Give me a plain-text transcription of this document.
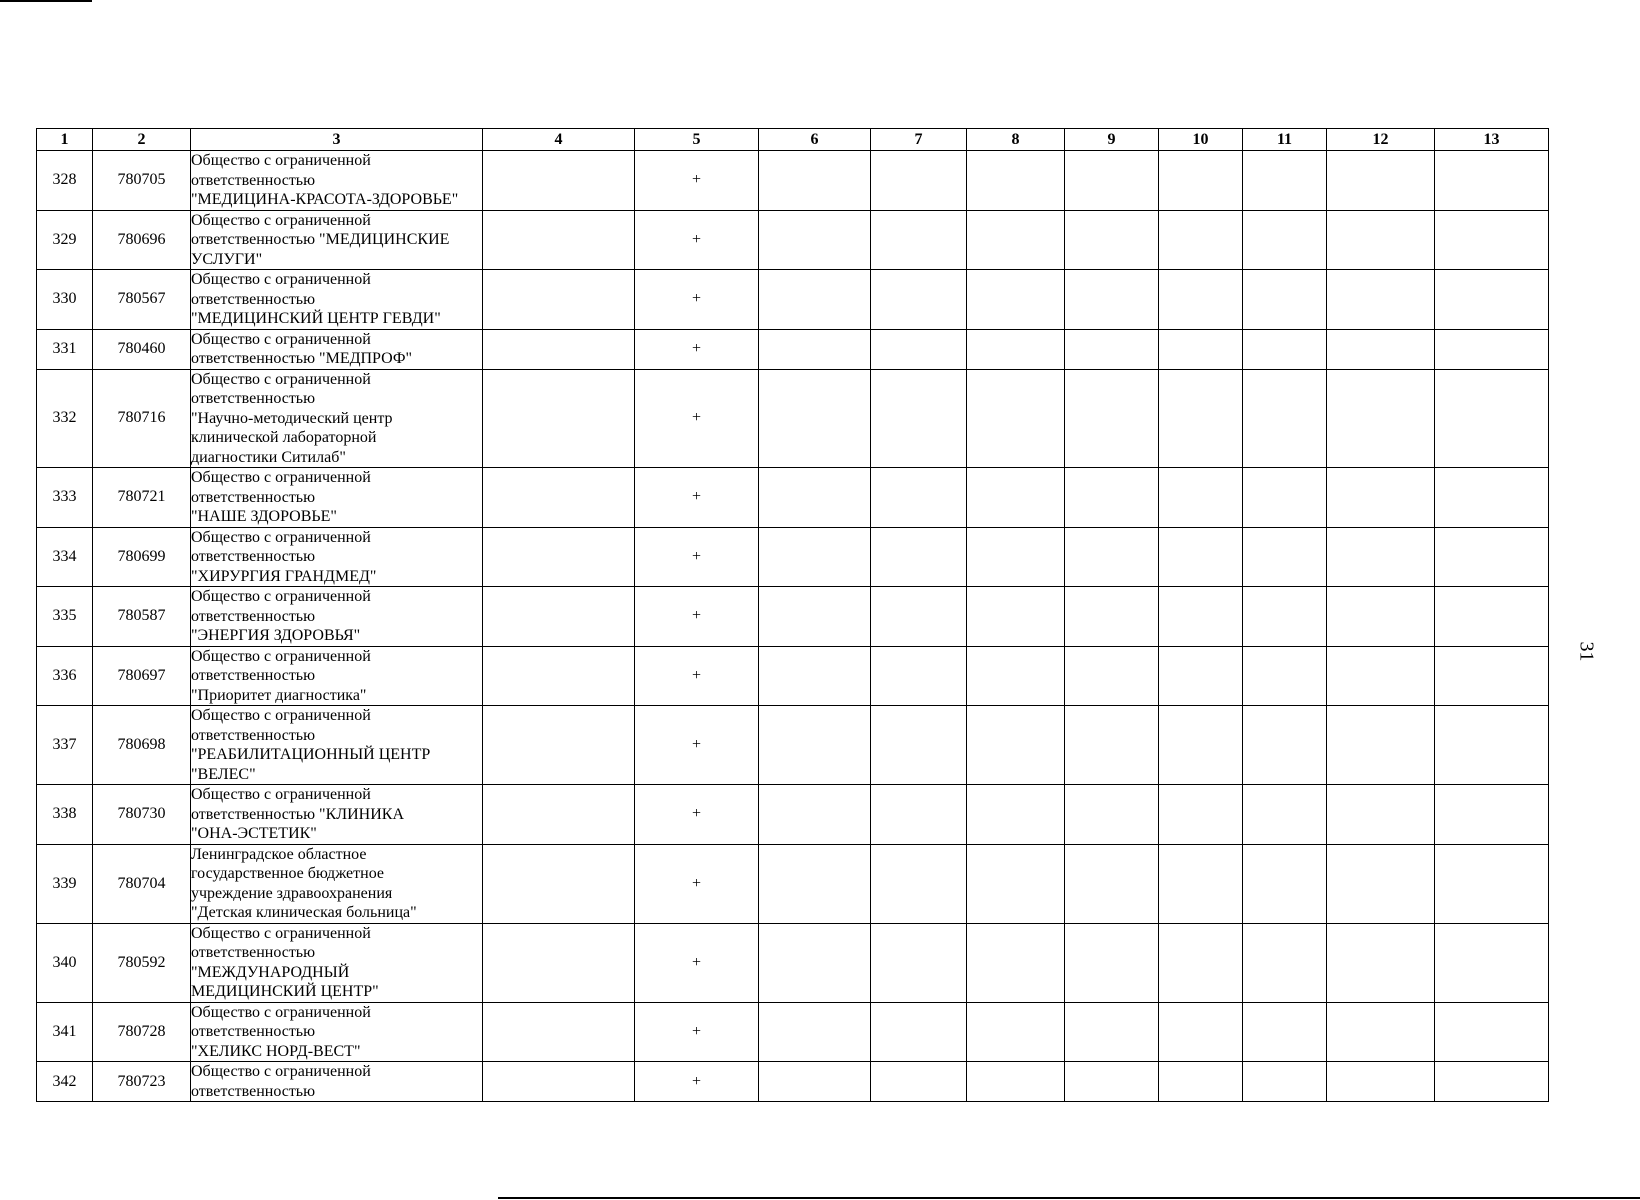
31
1	2	3	4	5	6	7	8	9	10	11	12	13
328	780705	Общество с ограниченной
ответственностью
"МЕДИЦИНА-КРАСОТА-ЗДОРОВЬЕ"		+								
329	780696	Общество с ограниченной
ответственностью "МЕДИЦИНСКИЕ
УСЛУГИ"		+								
330	780567	Общество с ограниченной
ответственностью
"МЕДИЦИНСКИЙ ЦЕНТР ГЕВДИ"		+								
331	780460	Общество с ограниченной
ответственностью "МЕДПРОФ"		+								
332	780716	Общество с ограниченной
ответственностью
"Научно-методический центр
клинической лабораторной
диагностики Ситилаб"		+								
333	780721	Общество с ограниченной
ответственностью
"НАШЕ ЗДОРОВЬЕ"		+								
334	780699	Общество с ограниченной
ответственностью
"ХИРУРГИЯ ГРАНДМЕД"		+								
335	780587	Общество с ограниченной
ответственностью
"ЭНЕРГИЯ ЗДОРОВЬЯ"		+								
336	780697	Общество с ограниченной
ответственностью
"Приоритет диагностика"		+								
337	780698	Общество с ограниченной
ответственностью
"РЕАБИЛИТАЦИОННЫЙ ЦЕНТР
"ВЕЛЕС"		+								
338	780730	Общество с ограниченной
ответственностью "КЛИНИКА
"ОНА-ЭСТЕТИК"		+								
339	780704	Ленинградское областное
государственное бюджетное
учреждение здравоохранения
"Детская клиническая больница"		+								
340	780592	Общество с ограниченной
ответственностью
"МЕЖДУНАРОДНЫЙ
МЕДИЦИНСКИЙ ЦЕНТР"		+								
341	780728	Общество с ограниченной
ответственностью
"ХЕЛИКС НОРД-ВЕСТ"		+								
342	780723	Общество с ограниченной
ответственностью		+								
